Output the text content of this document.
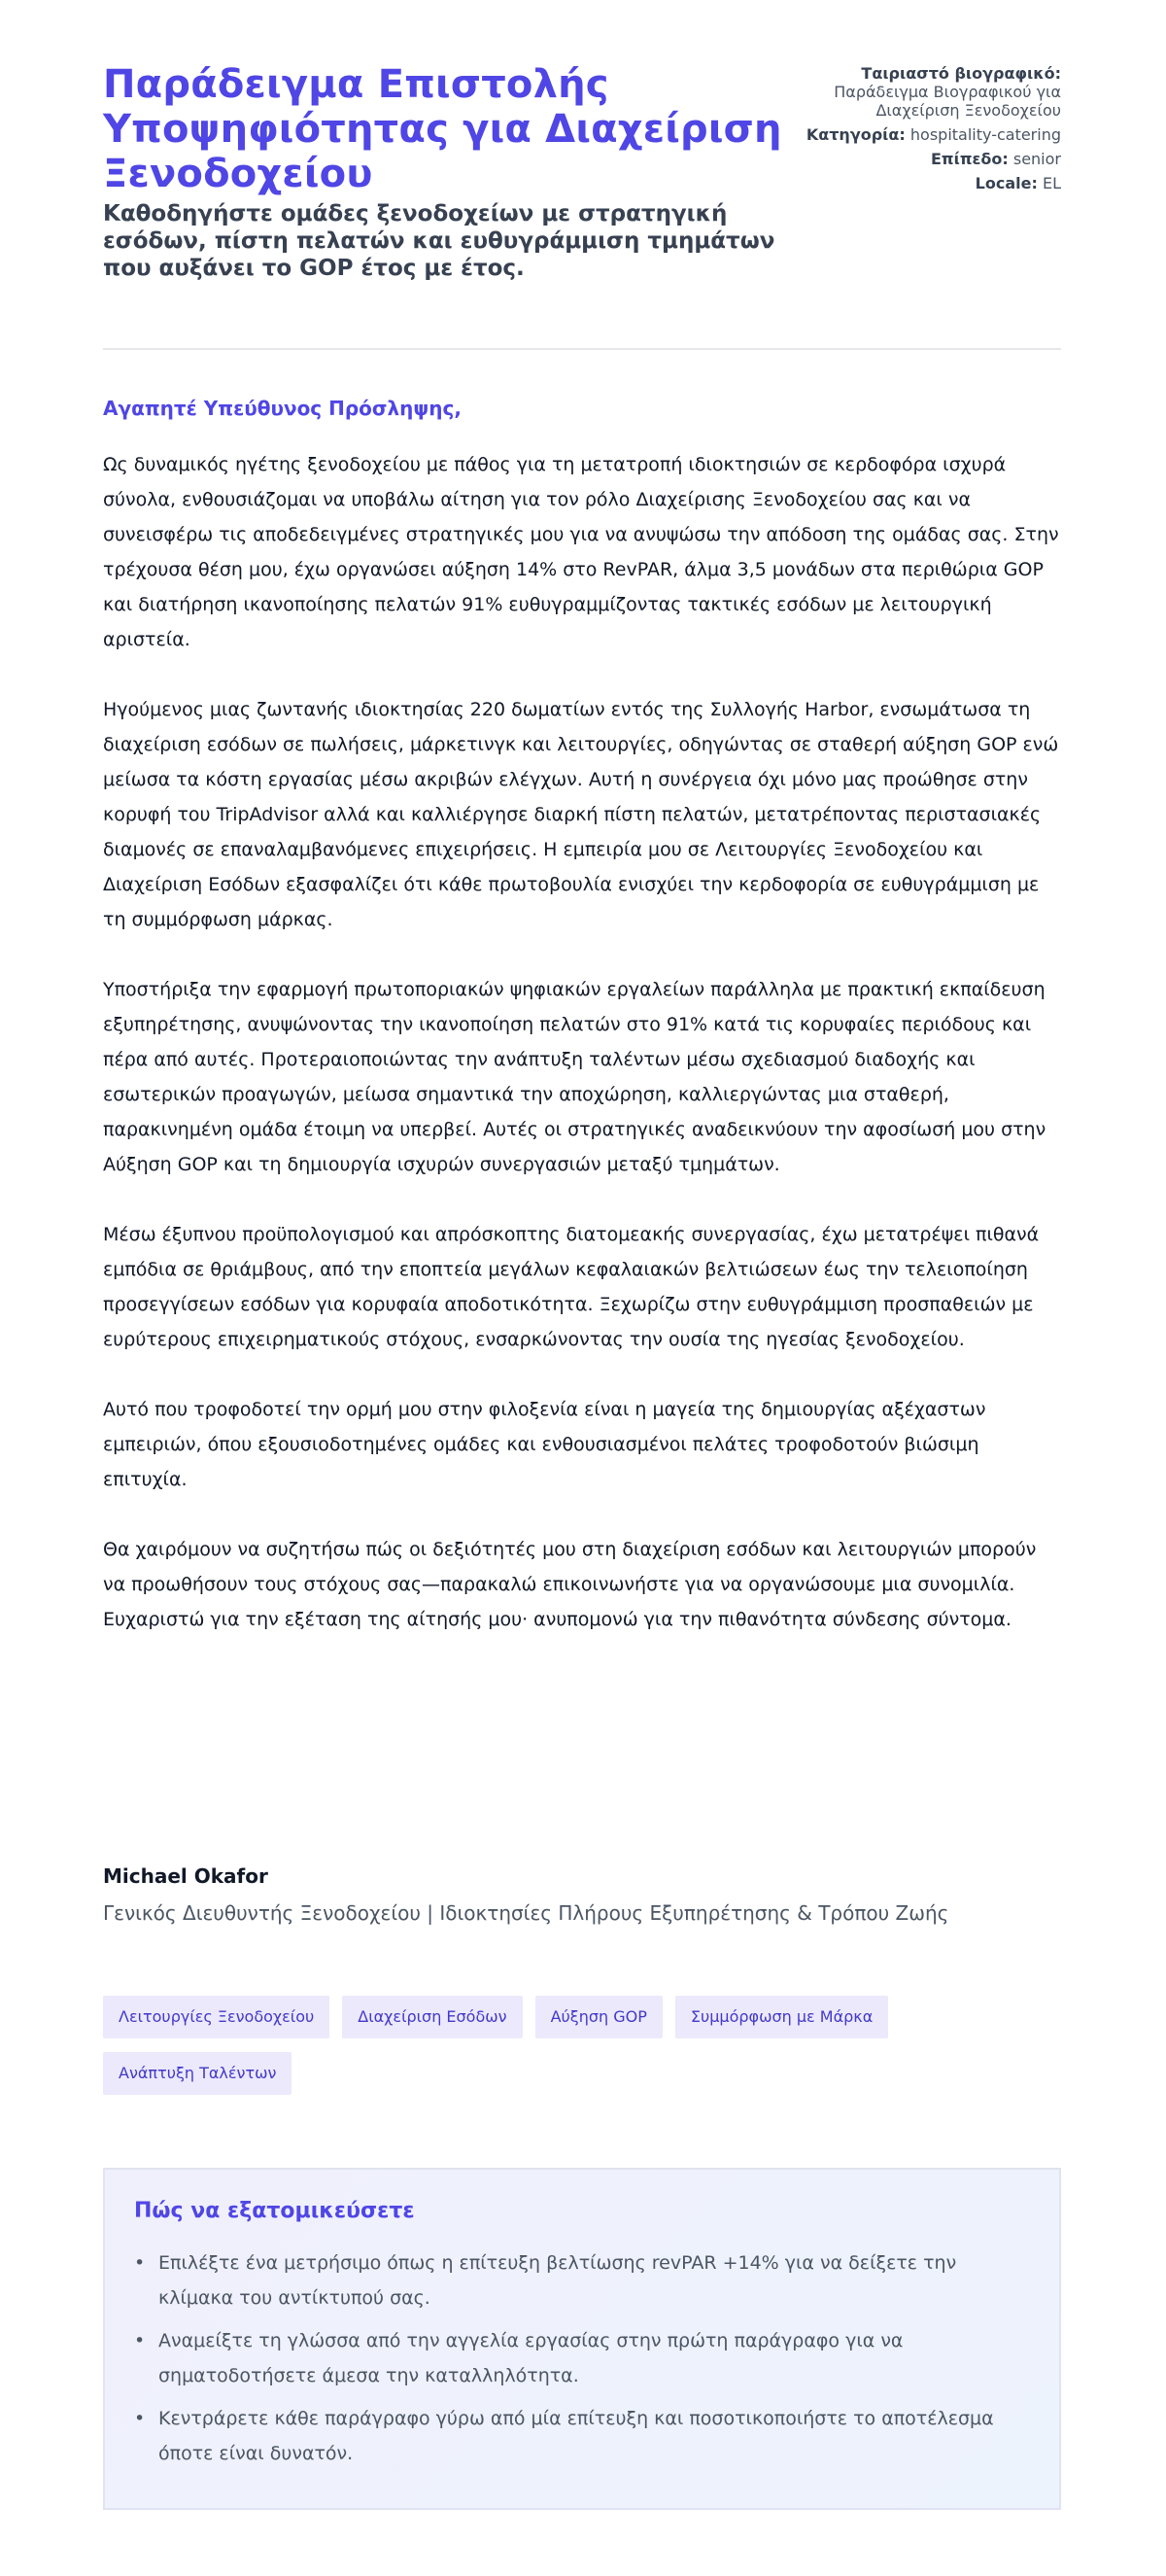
Παράδειγμα Επιστολής Υποψηφιότητας για Διαχείριση Ξενοδοχείου
Καθοδηγήστε ομάδες ξενοδοχείων με στρατηγική εσόδων, πίστη πελατών και ευθυγράμμιση τμημάτων που αυξάνει το GOP έτος με έτος.
Ταιριαστό βιογραφικό: Παράδειγμα Βιογραφικού για Διαχείριση Ξενοδοχείου
Κατηγορία: hospitality-catering
Επίπεδο: senior
Locale: EL
Αγαπητέ Υπεύθυνος Πρόσληψης,

Ως δυναμικός ηγέτης ξενοδοχείου με πάθος για τη μετατροπή ιδιοκτησιών σε κερδοφόρα ισχυρά σύνολα, ενθουσιάζομαι να υποβάλω αίτηση για τον ρόλο Διαχείρισης Ξενοδοχείου σας και να συνεισφέρω τις αποδεδειγμένες στρατηγικές μου για να ανυψώσω την απόδοση της ομάδας σας. Στην τρέχουσα θέση μου, έχω οργανώσει αύξηση 14% στο RevPAR, άλμα 3,5 μονάδων στα περιθώρια GOP και διατήρηση ικανοποίησης πελατών 91% ευθυγραμμίζοντας τακτικές εσόδων με λειτουργική αριστεία.

Ηγούμενος μιας ζωντανής ιδιοκτησίας 220 δωματίων εντός της Συλλογής Harbor, ενσωμάτωσα τη διαχείριση εσόδων σε πωλήσεις, μάρκετινγκ και λειτουργίες, οδηγώντας σε σταθερή αύξηση GOP ενώ μείωσα τα κόστη εργασίας μέσω ακριβών ελέγχων. Αυτή η συνέργεια όχι μόνο μας προώθησε στην κορυφή του TripAdvisor αλλά και καλλιέργησε διαρκή πίστη πελατών, μετατρέποντας περιστασιακές διαμονές σε επαναλαμβανόμενες επιχειρήσεις. Η εμπειρία μου σε Λειτουργίες Ξενοδοχείου και Διαχείριση Εσόδων εξασφαλίζει ότι κάθε πρωτοβουλία ενισχύει την κερδοφορία σε ευθυγράμμιση με τη συμμόρφωση μάρκας.

Υποστήριξα την εφαρμογή πρωτοποριακών ψηφιακών εργαλείων παράλληλα με πρακτική εκπαίδευση εξυπηρέτησης, ανυψώνοντας την ικανοποίηση πελατών στο 91% κατά τις κορυφαίες περιόδους και πέρα από αυτές. Προτεραιοποιώντας την ανάπτυξη ταλέντων μέσω σχεδιασμού διαδοχής και εσωτερικών προαγωγών, μείωσα σημαντικά την αποχώρηση, καλλιεργώντας μια σταθερή, παρακινημένη ομάδα έτοιμη να υπερβεί. Αυτές οι στρατηγικές αναδεικνύουν την αφοσίωσή μου στην Αύξηση GOP και τη δημιουργία ισχυρών συνεργασιών μεταξύ τμημάτων.

Μέσω έξυπνου προϋπολογισμού και απρόσκοπτης διατομεακής συνεργασίας, έχω μετατρέψει πιθανά εμπόδια σε θριάμβους, από την εποπτεία μεγάλων κεφαλαιακών βελτιώσεων έως την τελειοποίηση προσεγγίσεων εσόδων για κορυφαία αποδοτικότητα. Ξεχωρίζω στην ευθυγράμμιση προσπαθειών με ευρύτερους επιχειρηματικούς στόχους, ενσαρκώνοντας την ουσία της ηγεσίας ξενοδοχείου.

Αυτό που τροφοδοτεί την ορμή μου στην φιλοξενία είναι η μαγεία της δημιουργίας αξέχαστων εμπειριών, όπου εξουσιοδοτημένες ομάδες και ενθουσιασμένοι πελάτες τροφοδοτούν βιώσιμη επιτυχία.

Θα χαιρόμουν να συζητήσω πώς οι δεξιότητές μου στη διαχείριση εσόδων και λειτουργιών μπορούν να προωθήσουν τους στόχους σας—παρακαλώ επικοινωνήστε για να οργανώσουμε μια συνομιλία. Ευχαριστώ για την εξέταση της αίτησής μου· ανυπομονώ για την πιθανότητα σύνδεσης σύντομα.

Michael Okafor
Γενικός Διευθυντής Ξενοδοχείου | Ιδιοκτησίες Πλήρους Εξυπηρέτησης & Τρόπου Ζωής
Λειτουργίες Ξενοδοχείου	Διαχείριση Εσόδων	Αύξηση GOP	Συμμόρφωση με Μάρκα
Ανάπτυξη Ταλέντων
Πώς να εξατομικεύσετε
• Επιλέξτε ένα μετρήσιμο όπως η επίτευξη βελτίωσης revPAR +14% για να δείξετε την κλίμακα του αντίκτυπού σας.
• Αναμείξτε τη γλώσσα από την αγγελία εργασίας στην πρώτη παράγραφο για να σηματοδοτήσετε άμεσα την καταλληλότητα.
• Κεντράρετε κάθε παράγραφο γύρω από μία επίτευξη και ποσοτικοποιήστε το αποτέλεσμα όποτε είναι δυνατόν.
